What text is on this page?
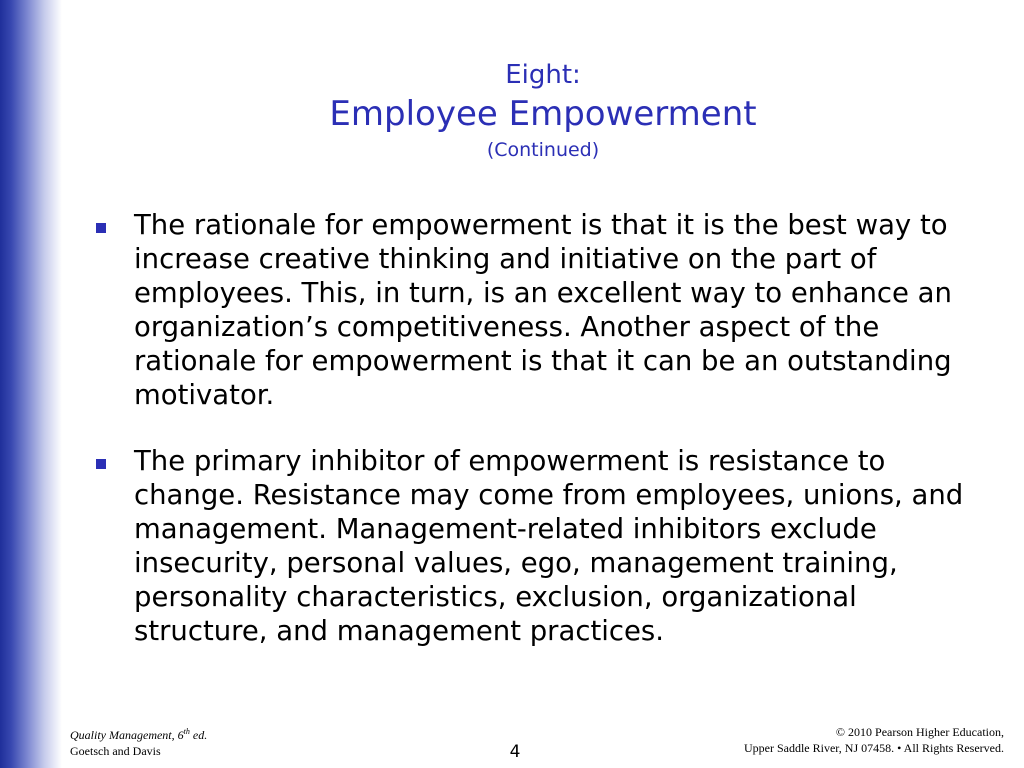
Eight:
Employee Empowerment
(Continued)
The rationale for empowerment is that it is the best way to increase creative thinking and initiative on the part of employees. This, in turn, is an excellent way to enhance an organization’s competitiveness. Another aspect of the rationale for empowerment is that it can be an outstanding motivator.
The primary inhibitor of empowerment is resistance to change. Resistance may come from employees, unions, and management. Management-related inhibitors exclude insecurity, personal values, ego, management training, personality characteristics, exclusion, organizational structure, and management practices.
Quality Management, 6th ed.
Goetsch and Davis	4
© 2010 Pearson Higher Education,
Upper Saddle River, NJ 07458. • All Rights Reserved.
